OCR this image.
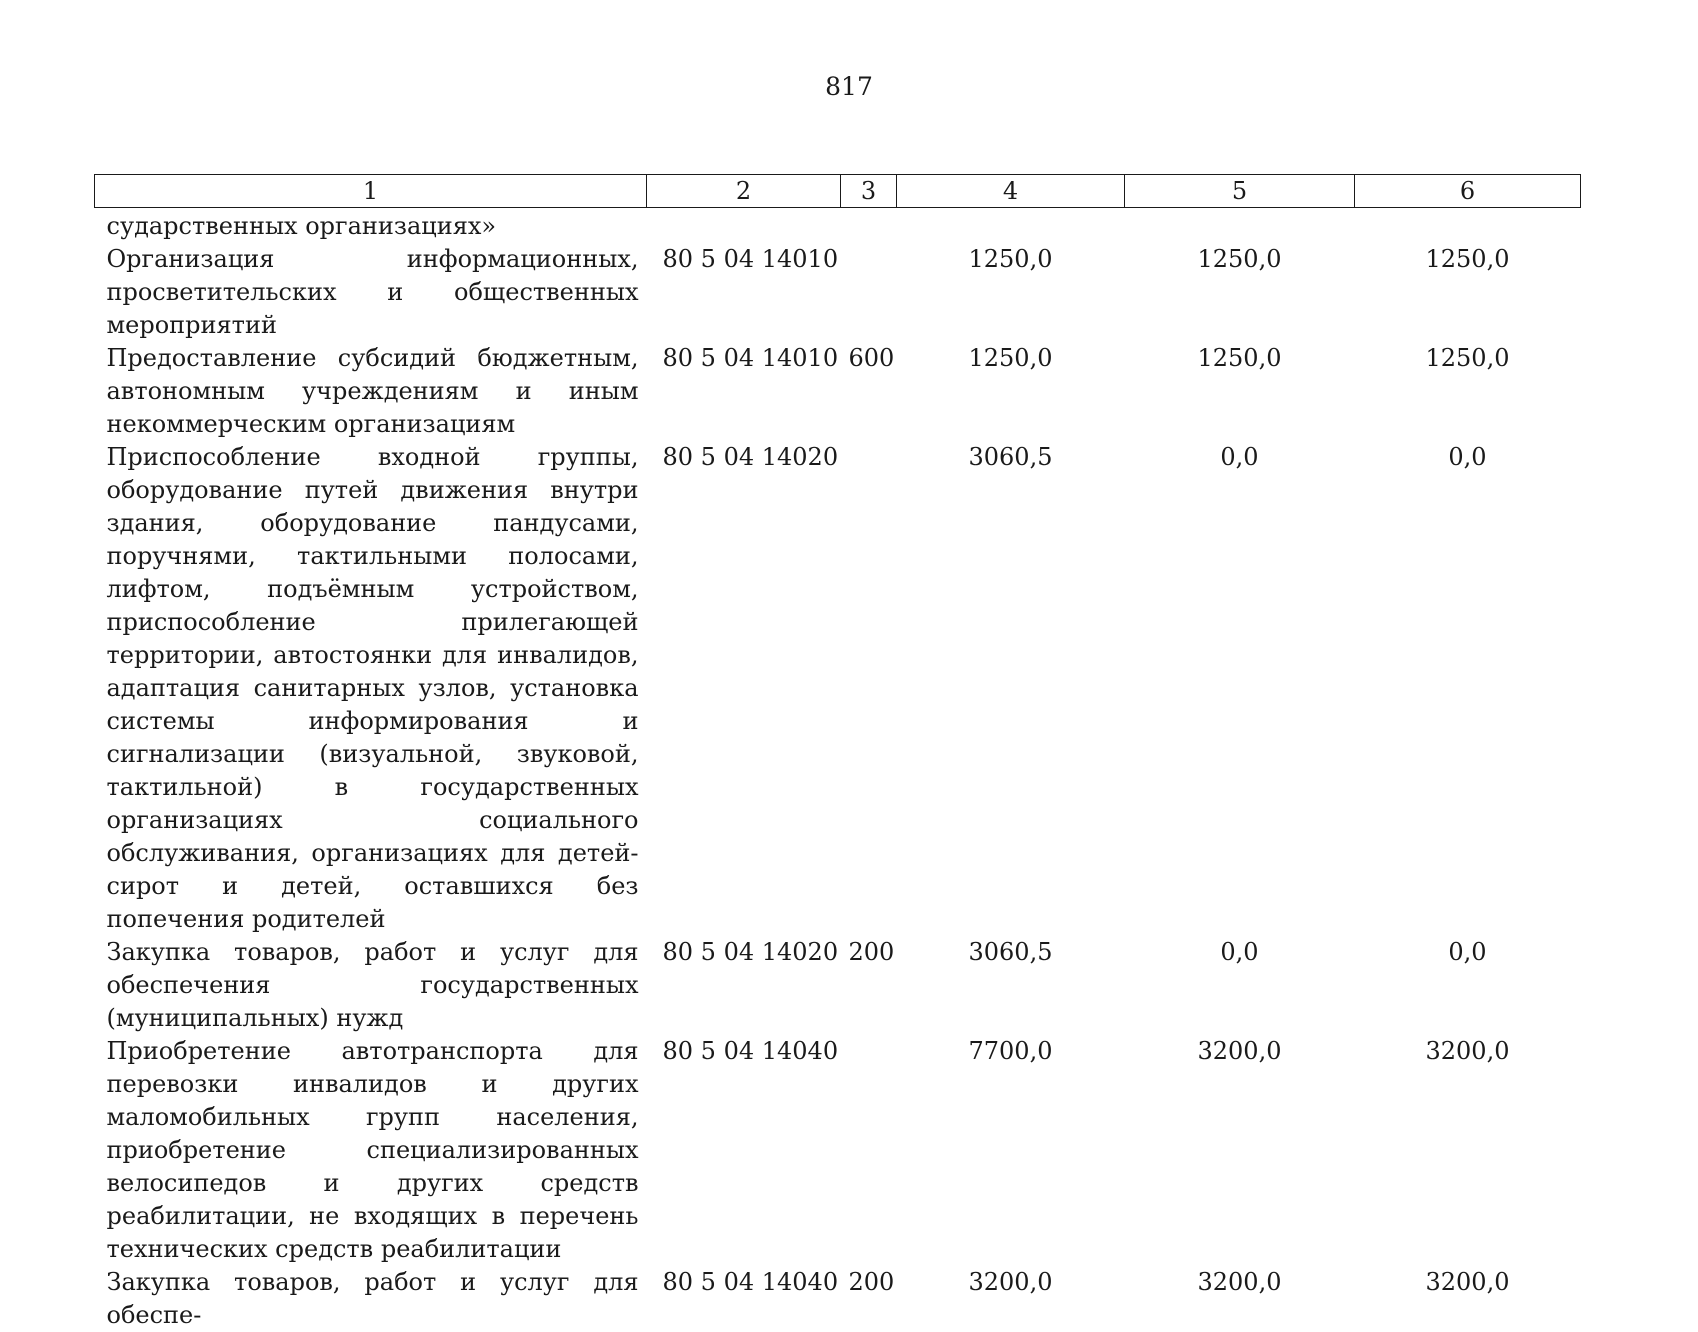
817
1	2	3	4	5	6
сударственных организациях»					
Организация информационных, просветительских и общественных мероприятий	80 5 04 14010		1250,0	1250,0	1250,0
Предоставление субсидий бюджетным, автономным учреждениям и иным некоммерческим организациям	80 5 04 14010	600	1250,0	1250,0	1250,0
Приспособление входной группы, оборудование путей движения внутри здания, оборудование пандусами, поручнями, тактильными полосами, лифтом, подъёмным устройством, приспособление прилегающей территории, автостоянки для инвалидов, адаптация санитарных узлов, установка системы информирования и сигнализации (визуальной, звуковой, тактильной) в государственных организациях социального обслуживания, организациях для детей-сирот и детей, оставшихся без попечения родителей	80 5 04 14020		3060,5	0,0	0,0
Закупка товаров, работ и услуг для обеспечения государственных (муниципальных) нужд	80 5 04 14020	200	3060,5	0,0	0,0
Приобретение автотранспорта для перевозки инвалидов и других маломобильных групп населения, приобретение специализированных велосипедов и других средств реабилитации, не входящих в перечень технических средств реабилитации	80 5 04 14040		7700,0	3200,0	3200,0
Закупка товаров, работ и услуг для обеспе-	80 5 04 14040	200	3200,0	3200,0	3200,0
